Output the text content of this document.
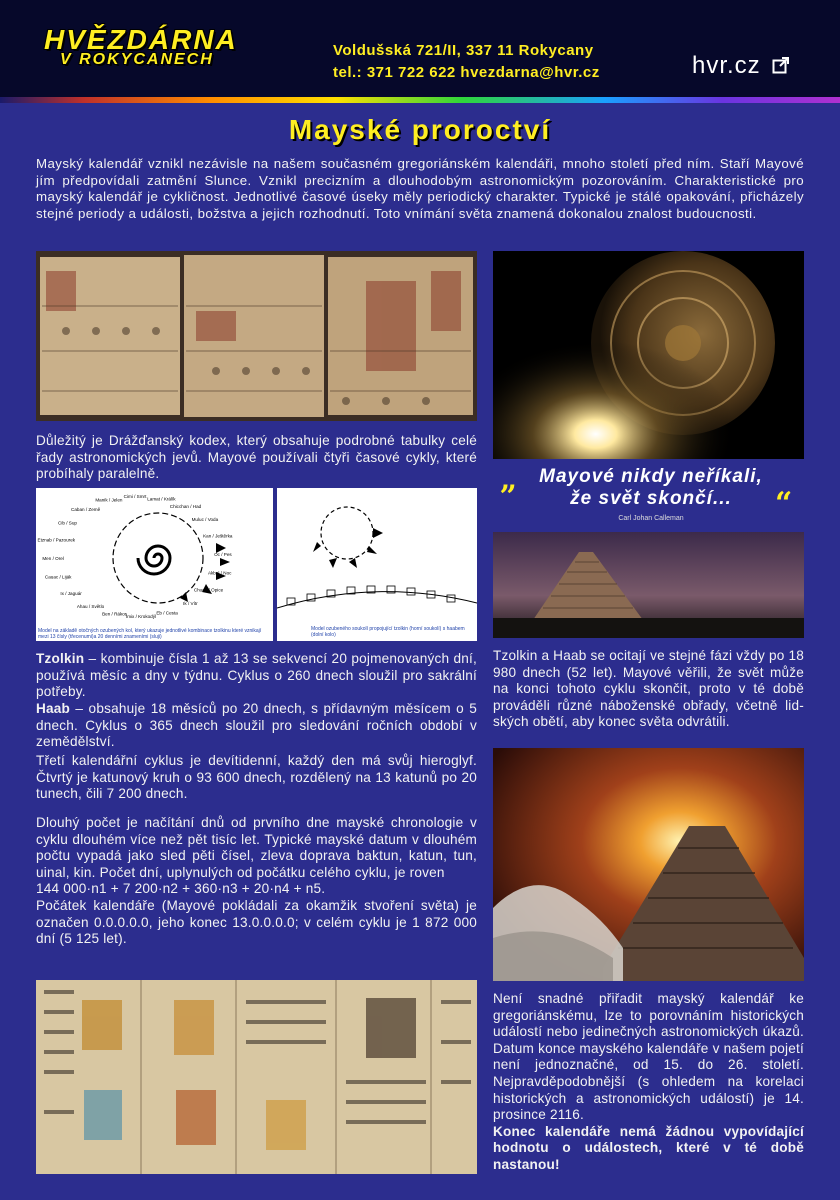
HVĚZDÁRNA
V ROKYCANECH
Voldušská 721/II, 337 11 Rokycany
tel.: 371 722 622 hvezdarna@hvr.cz	hvr.cz
Mayské proroctví
Mayský kalendář vznikl nezávisle na našem současném gregoriánském kalendáři, mnoho století před ním. Staří Mayové jím předpovídali zatmění Slunce. Vznikl precizním a dlouhodobým astronomickým pozorováním. Charakteristické pro mayský kalendář je cykličnost. Jednotlivé časové úseky měly periodický charakter. Typické je stálé opakování, přicházely stejné periody a události, božstva a jejich rozhodnutí. Toto vnímání světa znamená dokonalou znalost budoucnosti.
Důležitý je Drážďanský kodex, který obsahuje podrobné tabulky celé řady astronomických jevů. Mayové používali čtyři časové cykly, které probíhaly paralelně.
Manik / Jelen
Cimi / Smrt Lamat / Králík
Chicchan / Had
Muluc / Voda
Kan / Ještěrka
Oc / Pes
Akbal / Noc
Chuen / Opice
Ik / Vítr
Eb / Cesta
Imix / Krokodýl
Ben / Rákos
Ahau / Světlo
Ix / Jaguár
Cauac / Liják
Men / Orel
Etznab / Pazourek
Cib / Sup
Caban / Země
Model na základě otočných ozubených kol, který ukazuje jednotlivé kombinace tzolkinu které vznikají mezi 13 čísly (třecenumi)a 20 denními znameními (sluji)
Model ozubeného soukolí propojující tzolkin (horní soukolí) s haabem (dolní kolo)
Tzolkin – kombinuje čísla 1 až 13 se sekvencí 20 pojmenovaných dní, používá měsíc a dny v týdnu. Cyklus o 260 dnech sloužil pro sakrální potřeby.
Haab – obsahuje 18 měsíců po 20 dnech, s přídavným měsícem o 5 dnech. Cyklus o 365 dnech sloužil pro sledování ročních období v zemědělství.
Třetí kalendářní cyklus je devítidenní, každý den má svůj hieroglyf. Čtvrtý je katunový kruh o 93 600 dnech, rozdělený na 13 katunů po 20 tunech, čili 7 200 dnech.
Dlouhý počet je načítání dnů od prvního dne mayské chronologie v cyklu dlouhém více než pět tisíc let. Typické mayské datum v dlouhém počtu vypadá jako sled pěti čísel, zleva doprava baktun, katun, tun, uinal, kin. Počet dní, uplynulých od počátku celého cyklu, je roven
144 000·n1 + 7 200·n2 + 360·n3 + 20·n4 + n5.
Počátek kalendáře (Mayové pokládali za okamžik stvoření světa) je označen 0.0.0.0.0, jeho konec 13.0.0.0.0; v celém cyklu je 1 872 000 dní (5 125 let).
„	Mayové nikdy neříkali,
že svět skončí...	“
Carl Johan Calleman
Tzolkin a Haab se ocitají ve stejné fázi vždy po 18 980 dnech (52 let). Mayové věřili, že svět může na konci tohoto cyklu skončit, proto v té době prováděli různé náboženské obřady, včetně lid-ských obětí, aby konec světa odvrátili.
Není snadné přiřadit mayský kalendář ke gregoriánskému, lze to porovnáním historických událostí nebo jedinečných astronomických úkazů. Datum konce mayského kalendáře v našem pojetí není jednoznačné, od 15. do 26. století. Nejpravděpodobnější (s ohledem na korelaci historických a astronomických událostí) je 14. prosince 2116.
Konec kalendáře nemá žádnou vypovídající hodnotu o událostech, které v té době nastanou!
